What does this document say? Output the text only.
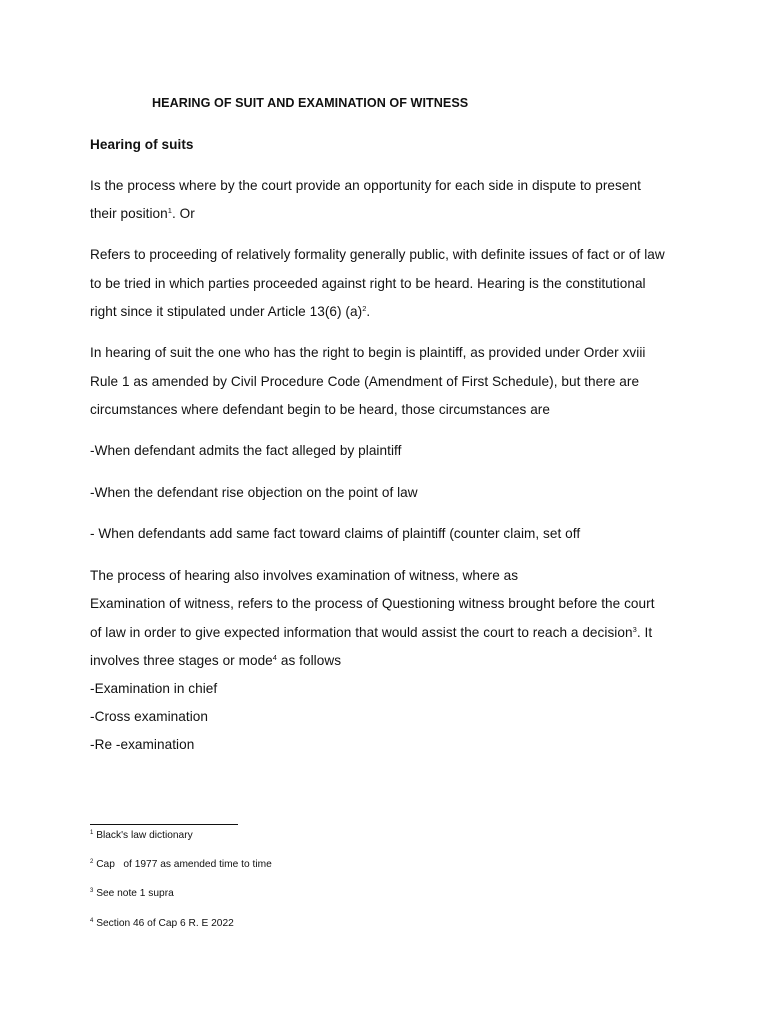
HEARING OF SUIT AND EXAMINATION OF WITNESS
Hearing of suits
Is the process where by the court provide an opportunity for each side in dispute to present
their position$^1$. Or
Refers to proceeding of relatively formality generally public, with definite issues of fact or of law
to be tried in which parties proceeded against right to be heard. Hearing is the constitutional
right since it stipulated under Article 13(6) $(a)^2$.
In hearing of suit the one who has the right to begin is plaintiff, as provided under Order xviii
Rule 1 as amended by Civil Procedure Code (Amendment of First Schedule), but there are
circumstances where defendant begin to be heard, those circumstances are
-When defendant admits the fact alleged by plaintiff
-When the defendant rise objection on the point of law
- When defendants add same fact toward claims of plaintiff (counter claim, set off
The process of hearing also involves examination of witness, where as
Examination of witness, refers to the process of Questioning witness brought before the court
of law in order to give expected information that would assist the court to reach a decision$^3$. It
involves three stages or mode$^4$ as follows
-Examination in chief
-Cross examination
-Re -examination
$^1$ Black's law dictionary
$^2$ Cap   of 1977 as amended time to time
$^3$ See note 1 supra
$^4$ Section 46 of Cap 6 R. E 2022
